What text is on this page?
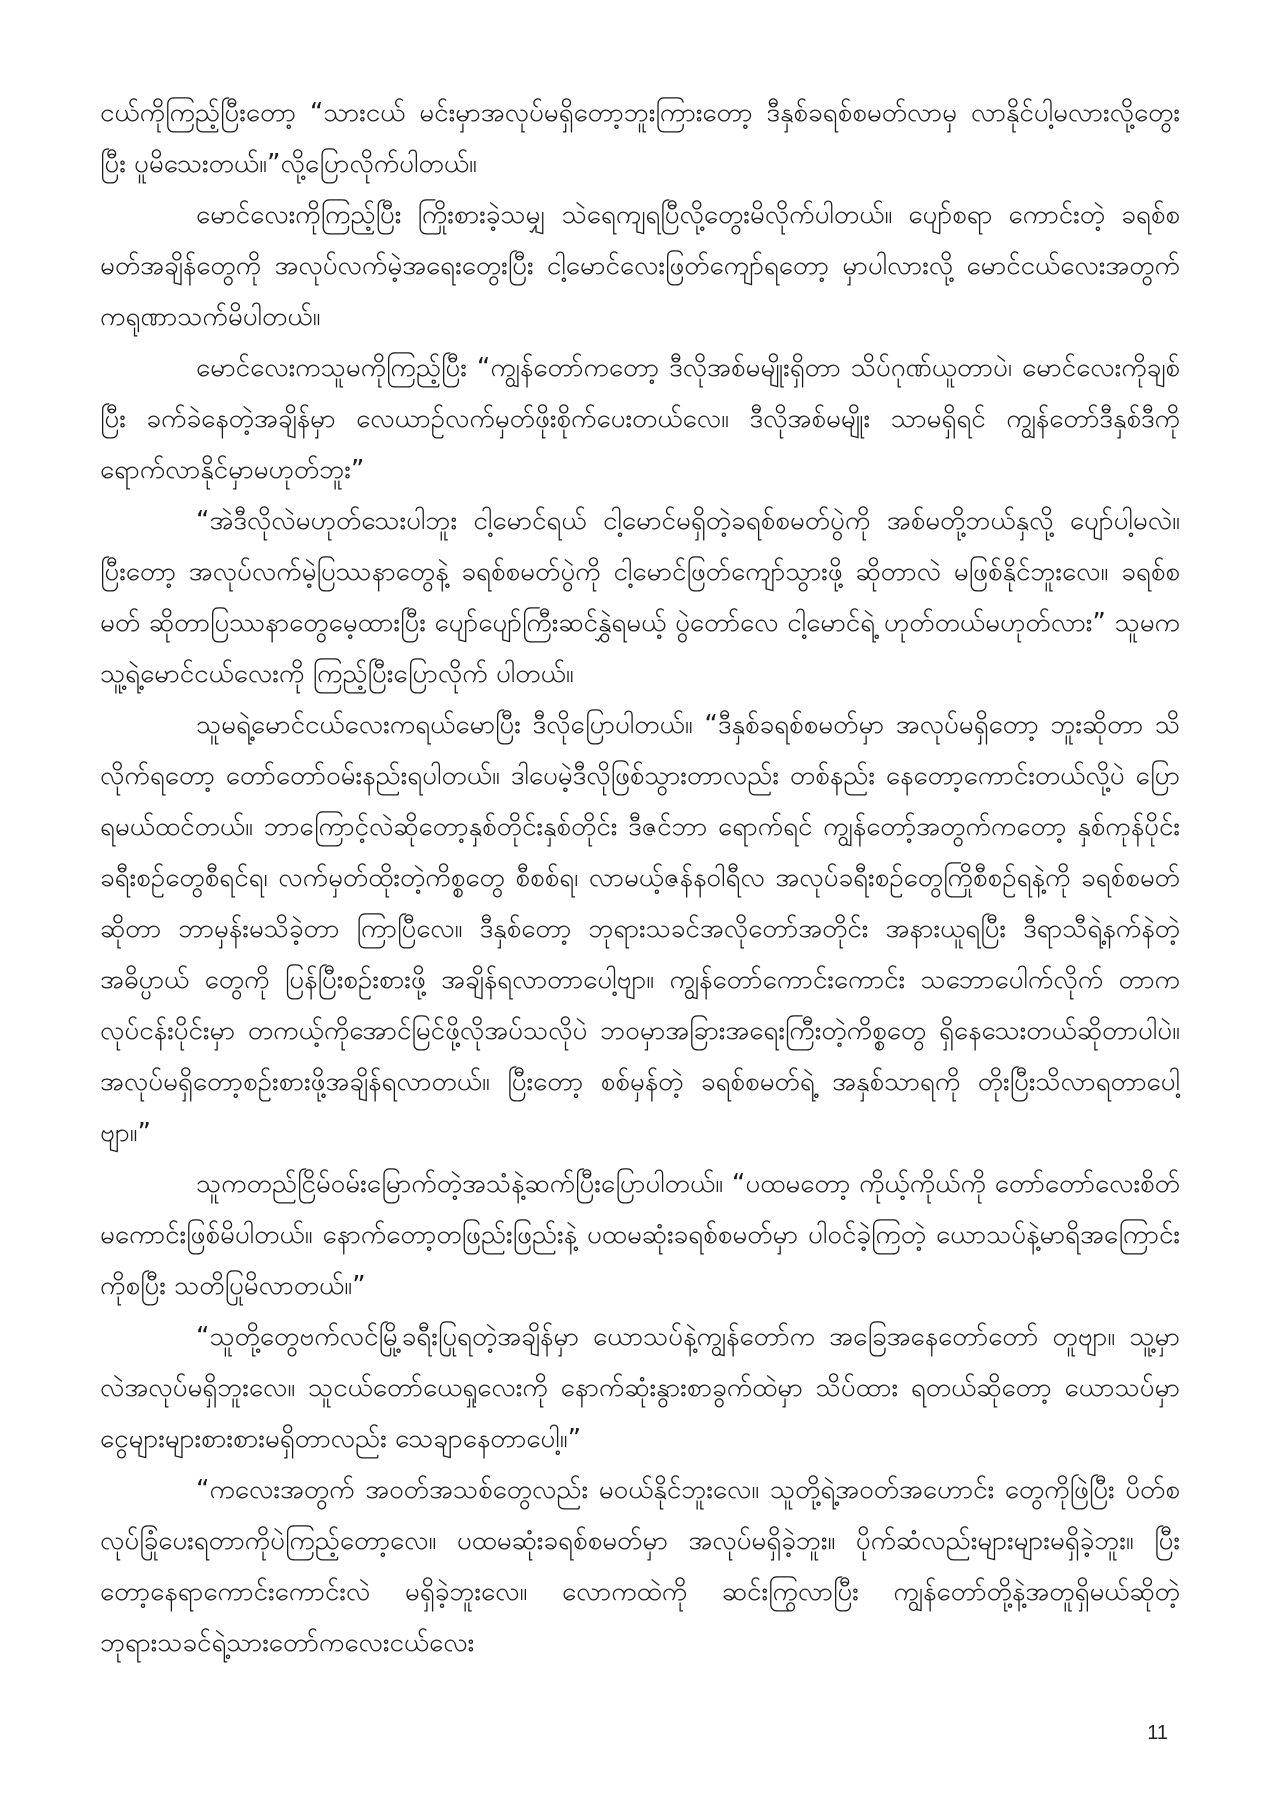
ငယ်ကိုကြည့်ပြီးတော့ “သားငယ် မင်းမှာအလုပ်မရှိတော့ဘူးကြားတော့ ဒီနှစ်ခရစ်စမတ်လာမှ လာနိုင်ပါ့မလားလို့တွေးပြီး ပူမိသေးတယ်။”လို့ပြောလိုက်ပါတယ်။

မောင်လေးကိုကြည့်ပြီး ကြိုးစားခဲ့သမျှ သဲရေကျရပြီလို့တွေးမိလိုက်ပါတယ်။ ပျော်စရာ ကောင်းတဲ့ ခရစ်စမတ်အချိန်တွေကို အလုပ်လက်မဲ့အရေးတွေးပြီး ငါ့မောင်လေးဖြတ်ကျော်ရတော့ မှာပါလားလို့ မောင်ငယ်လေးအတွက် ကရုဏာသက်မိပါတယ်။

မောင်လေးကသူမကိုကြည့်ပြီး “ကျွန်တော်ကတော့ ဒီလိုအစ်မမျိုးရှိတာ သိပ်ဂုဏ်ယူတာပဲ၊ မောင်လေးကိုချစ်ပြီး ခက်ခဲနေတဲ့အချိန်မှာ လေယာဉ်လက်မှတ်ဖိုးစိုက်ပေးတယ်လေ။ ဒီလိုအစ်မမျိုး သာမရှိရင် ကျွန်တော်ဒီနှစ်ဒီကိုရောက်လာနိုင်မှာမဟုတ်ဘူး”

“အဲဒီလိုလဲမဟုတ်သေးပါဘူး ငါ့မောင်ရယ် ငါ့မောင်မရှိတဲ့ခရစ်စမတ်ပွဲကို အစ်မတို့ဘယ်နှလို့ ပျော်ပါ့မလဲ။ ပြီးတော့ အလုပ်လက်မဲ့ပြဿနာတွေနဲ့ ခရစ်စမတ်ပွဲကို ငါ့မောင်ဖြတ်ကျော်သွားဖို့ ဆိုတာလဲ မဖြစ်နိုင်ဘူးလေ။ ခရစ်စမတ် ဆိုတာပြဿနာတွေမေ့ထားပြီး ပျော်ပျော်ကြီးဆင်နွှဲရမယ့် ပွဲတော်လေ ငါ့မောင်ရဲ့ ဟုတ်တယ်မဟုတ်လား” သူမက သူ့ရဲ့မောင်ငယ်လေးကို ကြည့်ပြီးပြောလိုက် ပါတယ်။

သူမရဲ့မောင်ငယ်လေးကရယ်မောပြီး ဒီလိုပြောပါတယ်။ “ဒီနှစ်ခရစ်စမတ်မှာ အလုပ်မရှိတော့ ဘူးဆိုတာ သိလိုက်ရတော့ တော်တော်ဝမ်းနည်းရပါတယ်။ ဒါပေမဲ့ဒီလိုဖြစ်သွားတာလည်း တစ်နည်း နေတော့ကောင်းတယ်လို့ပဲ ပြောရမယ်ထင်တယ်။ ဘာကြောင့်လဲဆိုတော့နှစ်တိုင်းနှစ်တိုင်း ဒီဇင်ဘာ ရောက်ရင် ကျွန်တော့်အတွက်ကတော့ နှစ်ကုန်ပိုင်းခရီးစဉ်တွေစီရင်ရ၊ လက်မှတ်ထိုးတဲ့ကိစ္စတွေ စီစစ်ရ၊ လာမယ့်ဇန်နဝါရီလ အလုပ်ခရီးစဉ်တွေကြိုစီစဉ်ရနဲ့ကို ခရစ်စမတ်ဆိုတာ ဘာမှန်းမသိခဲ့တာ ကြာပြီလေ။ ဒီနှစ်တော့ ဘုရားသခင်အလိုတော်အတိုင်း အနားယူရပြီး ဒီရာသီရဲ့နက်နဲတဲ့အဓိပ္ပာယ် တွေကို ပြန်ပြီးစဉ်းစားဖို့ အချိန်ရလာတာပေါ့ဗျာ။ ကျွန်တော်ကောင်းကောင်း သဘောပေါက်လိုက် တာက လုပ်ငန်းပိုင်းမှာ တကယ့်ကိုအောင်မြင်ဖို့လိုအပ်သလိုပဲ ဘဝမှာအခြားအရေးကြီးတဲ့ကိစ္စတွေ ရှိနေသေးတယ်ဆိုတာပါပဲ။ အလုပ်မရှိတော့စဉ်းစားဖို့အချိန်ရလာတယ်။ ပြီးတော့ စစ်မှန်တဲ့ ခရစ်စမတ်ရဲ့ အနှစ်သာရကို တိုးပြီးသိလာရတာပေါ့ဗျာ။”

သူကတည်ငြိမ်ဝမ်းမြောက်တဲ့အသံနဲ့ဆက်ပြီးပြောပါတယ်။ “ပထမတော့ ကိုယ့်ကိုယ်ကို တော်တော်လေးစိတ်မကောင်းဖြစ်မိပါတယ်။ နောက်တော့တဖြည်းဖြည်းနဲ့ ပထမဆုံးခရစ်စမတ်မှာ ပါဝင်ခဲ့ကြတဲ့ ယောသပ်နဲ့မာရိအကြောင်းကိုစပြီး သတိပြုမိလာတယ်။”

“သူတို့တွေဗက်လင်မြို့ခရီးပြုရတဲ့အချိန်မှာ ယောသပ်နဲ့ကျွန်တော်က အခြေအနေတော်တော် တူဗျာ။ သူ့မှာလဲအလုပ်မရှိဘူးလေ။ သူငယ်တော်ယေရှုလေးကို နောက်ဆုံးနွားစာခွက်ထဲမှာ သိပ်ထား ရတယ်ဆိုတော့ ယောသပ်မှာ ငွေများများစားစားမရှိတာလည်း သေချာနေတာပေါ့။”

“ကလေးအတွက် အဝတ်အသစ်တွေလည်း မဝယ်နိုင်ဘူးလေ။ သူတို့ရဲ့အဝတ်အဟောင်း တွေကိုဖြဲပြီး ပိတ်စလုပ်ခြုံပေးရတာကိုပဲကြည့်တော့လေ။ ပထမဆုံးခရစ်စမတ်မှာ အလုပ်မရှိခဲ့ဘူး။ ပိုက်ဆံလည်းများများမရှိခဲ့ဘူး။ ပြီးတော့နေရာကောင်းကောင်းလဲ မရှိခဲ့ဘူးလေ။ လောကထဲကို ဆင်းကြွလာပြီး ကျွန်တော်တို့နဲ့အတူရှိမယ်ဆိုတဲ့ ဘုရားသခင်ရဲ့သားတော်ကလေးငယ်လေး

11
